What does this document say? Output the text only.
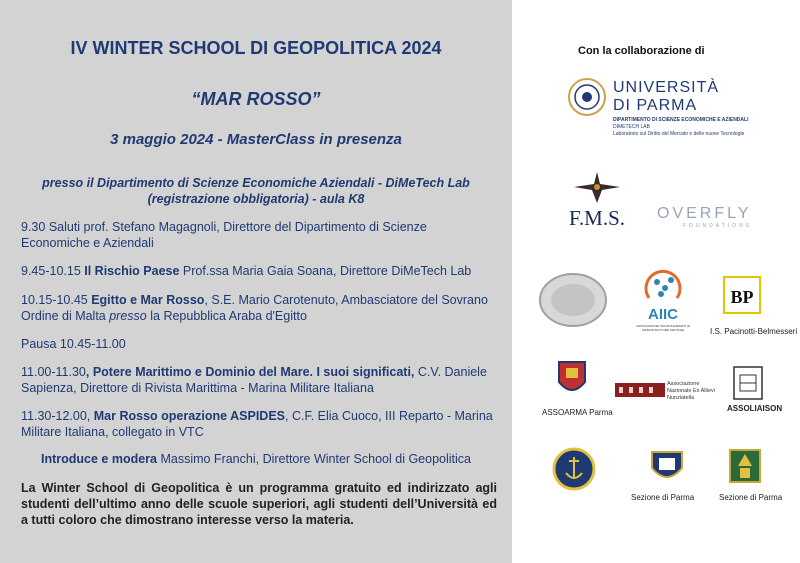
IV WINTER SCHOOL DI GEOPOLITICA 2024
“MAR ROSSO”
3 maggio 2024 - MasterClass in presenza
presso il Dipartimento di Scienze Economiche Aziendali - DiMeTech Lab
(registrazione obbligatoria) - aula K8
9.30 Saluti prof. Stefano Magagnoli, Direttore del Dipartimento di Scienze Economiche e Aziendali
9.45-10.15 Il Rischio Paese Prof.ssa Maria Gaia Soana, Direttore DiMeTech Lab
10.15-10.45 Egitto e Mar Rosso, S.E. Mario Carotenuto, Ambasciatore del Sovrano Ordine di Malta presso la Repubblica Araba d'Egitto
Pausa 10.45-11.00
11.00-11.30, Potere Marittimo e Dominio del Mare. I suoi significati, C.V. Daniele Sapienza, Direttore di Rivista Marittima - Marina Militare Italiana
11.30-12.00, Mar Rosso operazione ASPIDES, C.F. Elia Cuoco, III Reparto - Marina Militare Italiana, collegato in VTC
Introduce e modera Massimo Franchi, Direttore Winter School di Geopolitica
La Winter School di Geopolitica è un programma gratuito ed indirizzato agli studenti dell’ultimo anno delle scuole superiori, agli studenti dell’Università ed a tutti coloro che dimostrano interesse verso la materia.
Con la collaborazione di
UNIVERSITÀ
DI PARMA
DIPARTIMENTO DI SCIENZE ECONOMICHE E AZIENDALI
DIMETECH LAB
Laboratorio sul Diritto del Mercato e delle nuove Tecnologie
F.M.S.	OVERFLY
FOUNDATIONS
AIIC
ASSOCIAZIONE ITALIANA ESPERTI IN INFRASTRUTTURE CRITICHE
BP
I.S. Pacinotti-Belmesseri
ASSOARMA Parma
Associazione Nazionale Ex Allievi Nunziatella
ASSOLIAISON
Sezione di Parma	Sezione di Parma
